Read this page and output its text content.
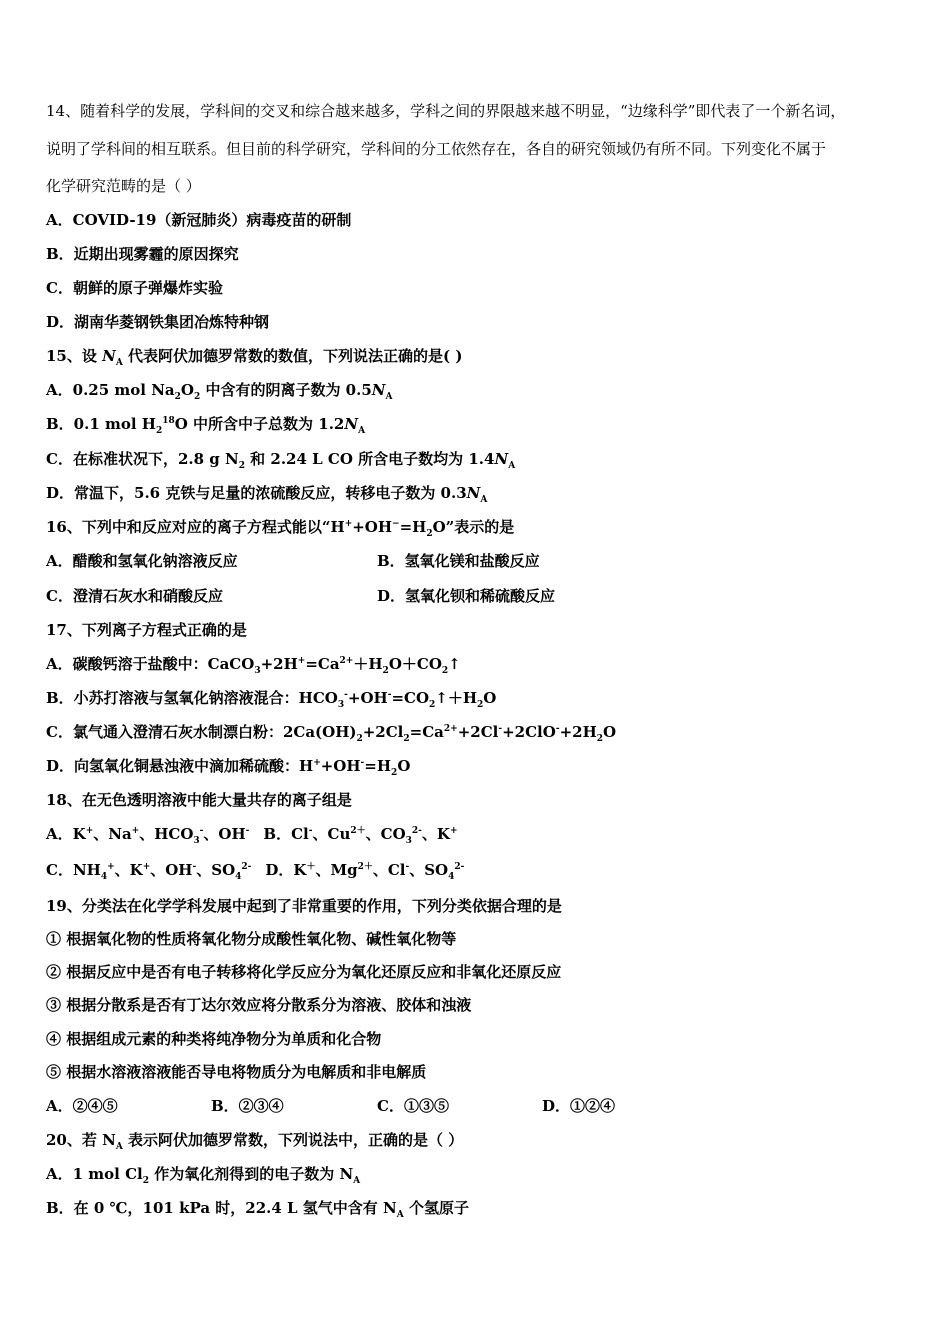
14、随着科学的发展，学科间的交叉和综合越来越多，学科之间的界限越来越不明显，“边缘科学”即代表了一个新名词，
说明了学科间的相互联系。但目前的科学研究，学科间的分工依然存在，各自的研究领域仍有所不同。下列变化不属于
化学研究范畴的是（ ）
A．COVID-19（新冠肺炎）病毒疫苗的研制
B．近期出现雾霾的原因探究
C．朝鲜的原子弹爆炸实验
D．湖南华菱钢铁集团冶炼特种钢
15、设 $N_A$ 代表阿伏加德罗常数的数值，下列说法正确的是( )
A．0.25 mol $Na_2O_2$ 中含有的阴离子数为 $0.5N_A$
B．0.1 mol $H_2^{18}O$ 中所含中子总数为 $1.2N_A$
C．在标准状况下，2.8 g $N_2$ 和 2.24 L CO 所含电子数均为 $1.4N_A$
D．常温下，5.6 克铁与足量的浓硫酸反应，转移电子数为 $0.3N_A$
16、下列中和反应对应的离子方程式能以“$H^++OH^-=H_2O$”表示的是
A．醋酸和氢氧化钠溶液反应	B．氢氧化镁和盐酸反应
C．澄清石灰水和硝酸反应	D．氢氧化钡和稀硫酸反应
17、下列离子方程式正确的是
A．碳酸钙溶于盐酸中：$CaCO_3+2H^+=Ca^{2+}+H_2O+CO_2↑$
B．小苏打溶液与氢氧化钠溶液混合：$HCO_3^-+OH^-=CO_2↑+H_2O$
C．氯气通入澄清石灰水制漂白粉：$2Ca(OH)_2+2Cl_2=Ca^{2+}+2Cl^-+2ClO^-+2H_2O$
D．向氢氧化铜悬浊液中滴加稀硫酸：$H^++OH^-=H_2O$
18、在无色透明溶液中能大量共存的离子组是
A．K+、Na+、$HCO_3^-$、OH- B．Cl-、$Cu^{2+}$、$CO_3^{2-}$、K+
C．$NH_4^+$、K+、OH-、$SO_4^{2-}$ D．K＋、$Mg^{2+}$、Cl-、$SO_4^{2-}$
19、分类法在化学学科发展中起到了非常重要的作用，下列分类依据合理的是
① 根据氧化物的性质将氧化物分成酸性氧化物、碱性氧化物等
② 根据反应中是否有电子转移将化学反应分为氧化还原反应和非氧化还原反应
③ 根据分散系是否有丁达尔效应将分散系分为溶液、胶体和浊液
④ 根据组成元素的种类将纯净物分为单质和化合物
⑤ 根据水溶液溶液能否导电将物质分为电解质和非电解质
A．②④⑤	B．②③④	C．①③⑤	D．①②④
20、若 $N_A$ 表示阿伏加德罗常数，下列说法中，正确的是（ ）
A．1 mol $Cl_2$ 作为氧化剂得到的电子数为 $N_A$
B．在 0 ℃，101 kPa 时，22.4 L 氢气中含有 $N_A$ 个氢原子
